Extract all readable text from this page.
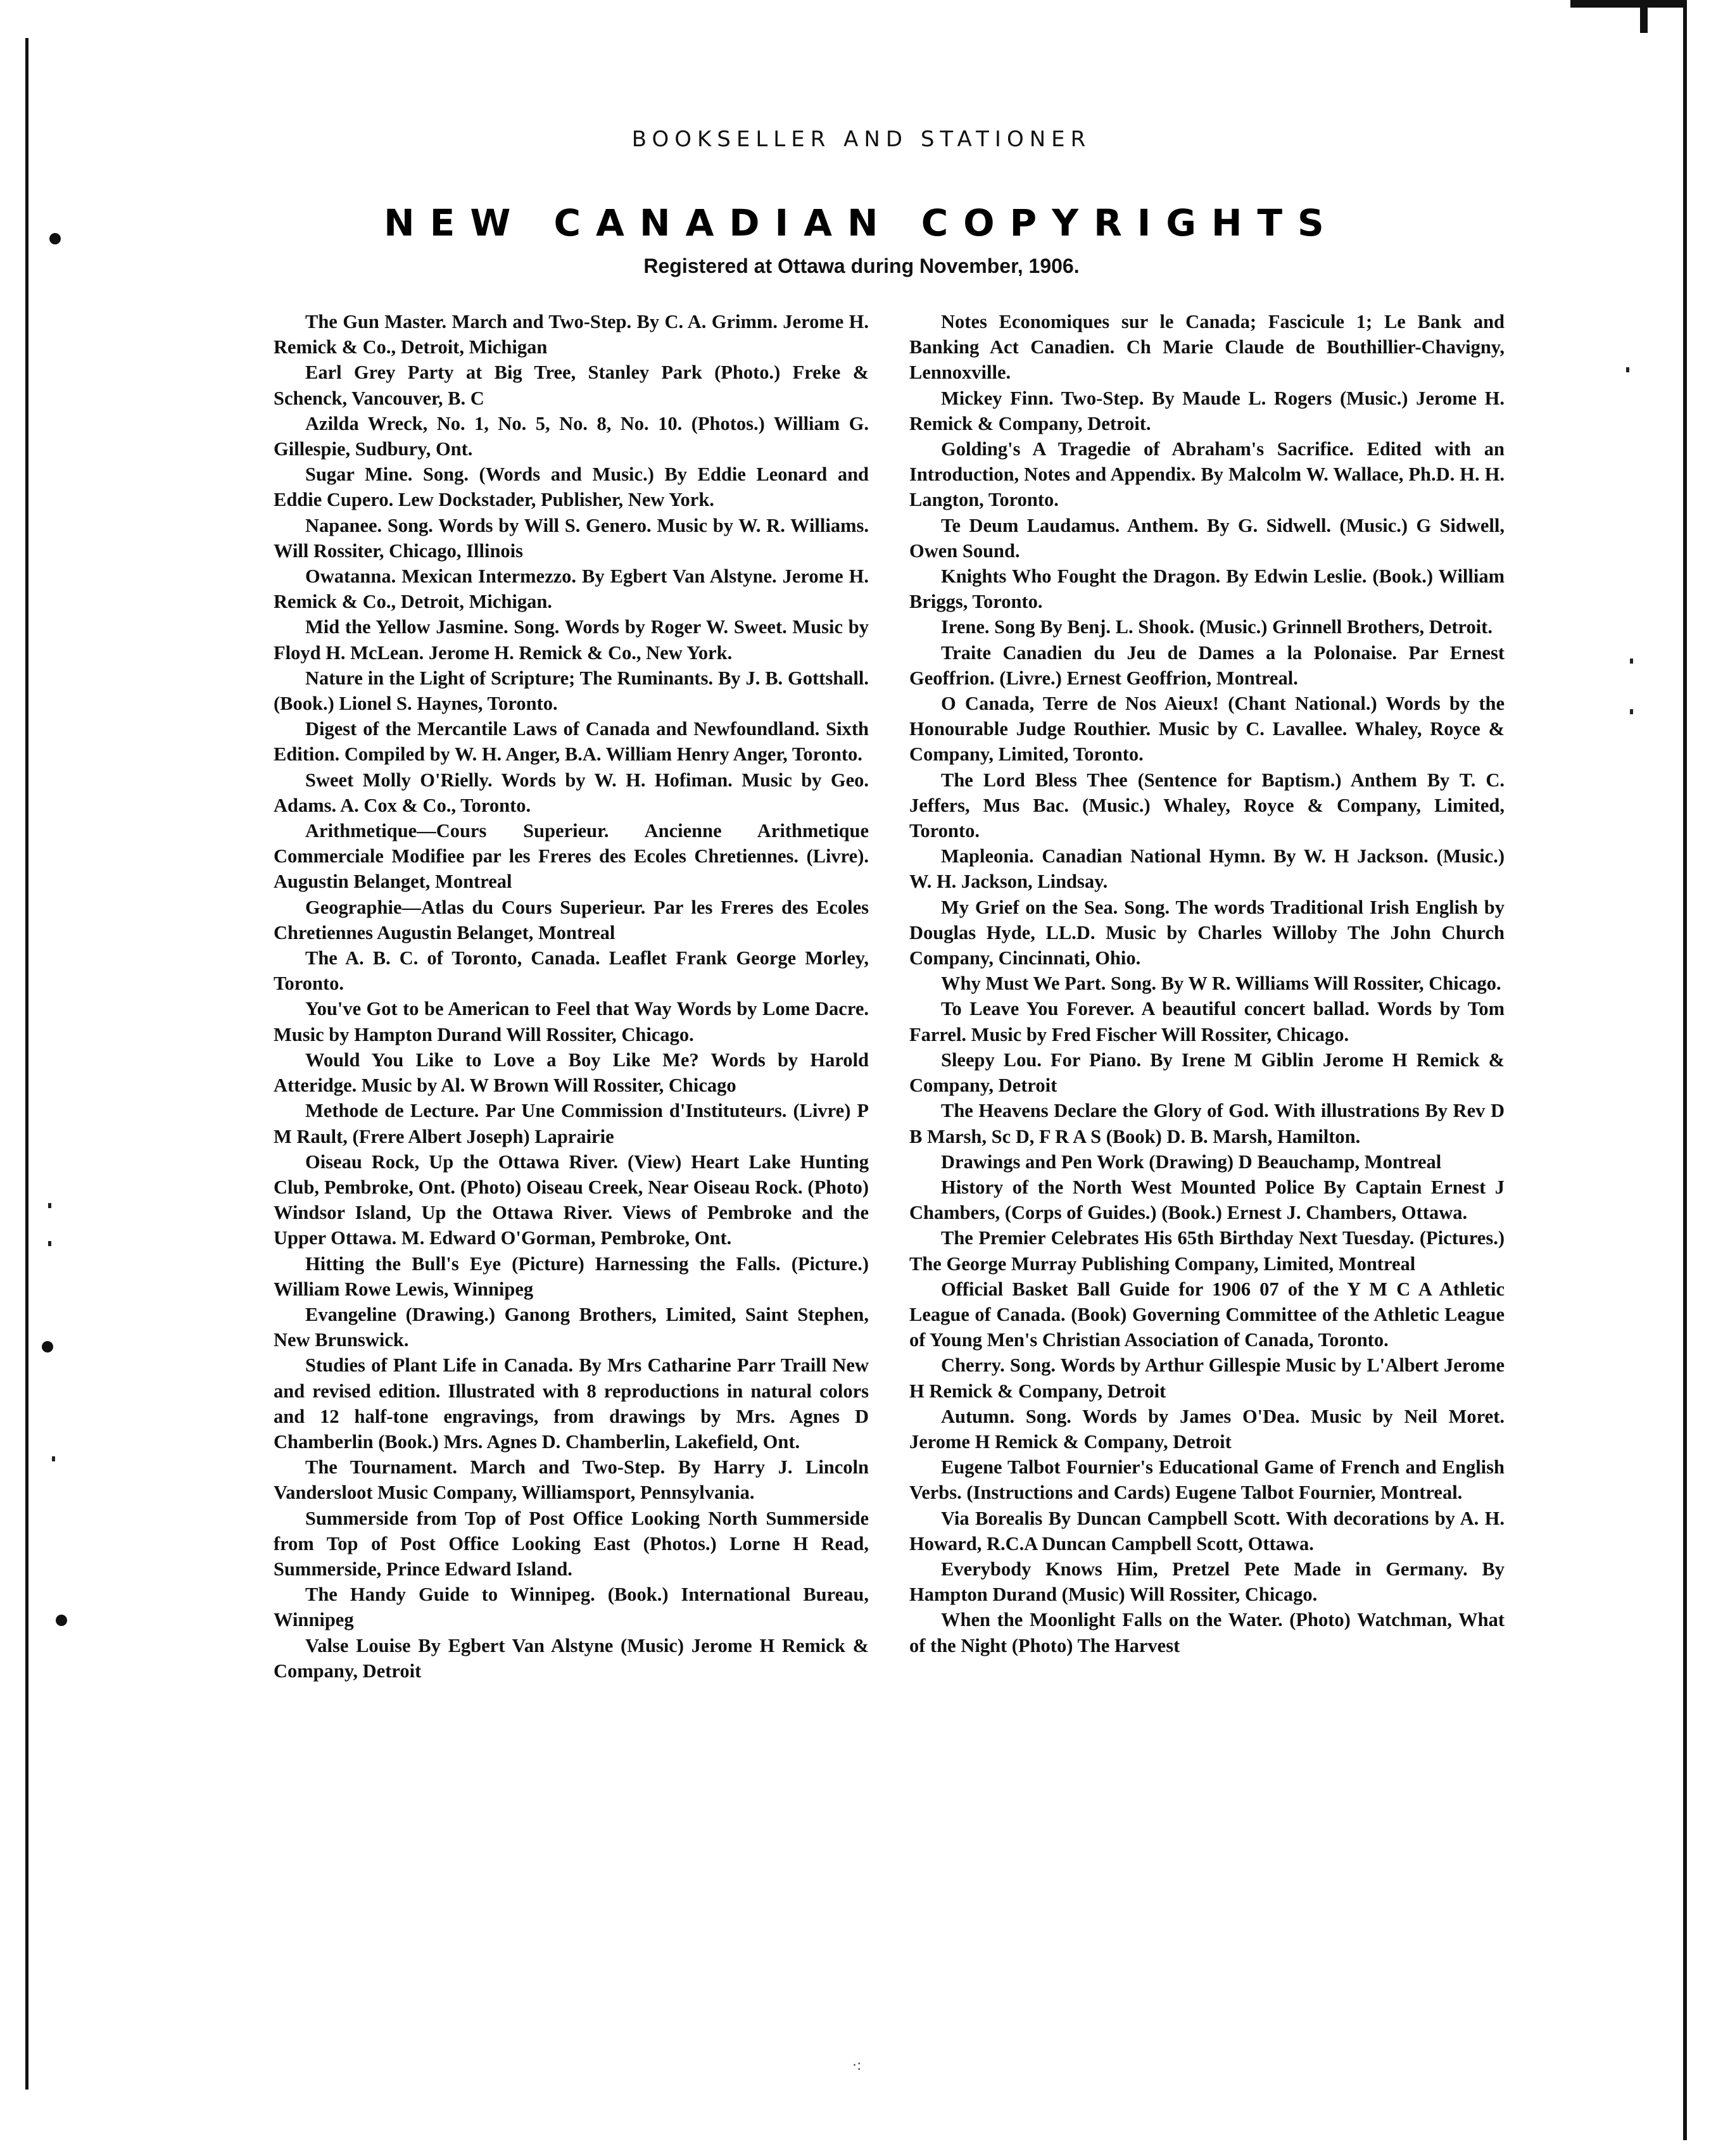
BOOKSELLER AND STATIONER
NEW CANADIAN COPYRIGHTS
Registered at Ottawa during November, 1906.

The Gun Master. March and Two-Step. By C. A. Grimm. Jerome H. Remick & Co., Detroit, Michigan

Earl Grey Party at Big Tree, Stanley Park (Photo.) Freke & Schenck, Vancouver, B. C

Azilda Wreck, No. 1, No. 5, No. 8, No. 10. (Photos.) William G. Gillespie, Sudbury, Ont.

Sugar Mine. Song. (Words and Music.) By Eddie Leonard and Eddie Cupero. Lew Dockstader, Publisher, New York.

Napanee. Song. Words by Will S. Genero. Music by W. R. Williams. Will Rossiter, Chicago, Illinois

Owatanna. Mexican Intermezzo. By Egbert Van Alstyne. Jerome H. Remick & Co., Detroit, Michigan.

Mid the Yellow Jasmine. Song. Words by Roger W. Sweet. Music by Floyd H. McLean. Jerome H. Remick & Co., New York.

Nature in the Light of Scripture; The Ruminants. By J. B. Gottshall. (Book.) Lionel S. Haynes, Toronto.

Digest of the Mercantile Laws of Canada and Newfoundland. Sixth Edition. Compiled by W. H. Anger, B.A. William Henry Anger, Toronto.

Sweet Molly O'Rielly. Words by W. H. Hofiman. Music by Geo. Adams. A. Cox & Co., Toronto.

Arithmetique—Cours Superieur. Ancienne Arithmetique Commerciale Modifiee par les Freres des Ecoles Chretiennes. (Livre). Augustin Belanget, Montreal

Geographie—Atlas du Cours Superieur. Par les Freres des Ecoles Chretiennes Augustin Belanget, Montreal

The A. B. C. of Toronto, Canada. Leaflet Frank George Morley, Toronto.

You've Got to be American to Feel that Way Words by Lome Dacre. Music by Hampton Durand Will Rossiter, Chicago.

Would You Like to Love a Boy Like Me? Words by Harold Atteridge. Music by Al. W Brown Will Rossiter, Chicago

Methode de Lecture. Par Une Commission d'Instituteurs. (Livre) P M Rault, (Frere Albert Joseph) Laprairie

Oiseau Rock, Up the Ottawa River. (View) Heart Lake Hunting Club, Pembroke, Ont. (Photo) Oiseau Creek, Near Oiseau Rock. (Photo) Windsor Island, Up the Ottawa River. Views of Pembroke and the Upper Ottawa. M. Edward O'Gorman, Pembroke, Ont.

Hitting the Bull's Eye (Picture) Harnessing the Falls. (Picture.) William Rowe Lewis, Winnipeg

Evangeline (Drawing.) Ganong Brothers, Limited, Saint Stephen, New Brunswick.

Studies of Plant Life in Canada. By Mrs Catharine Parr Traill New and revised edition. Illustrated with 8 reproductions in natural colors and 12 half-tone engravings, from drawings by Mrs. Agnes D Chamberlin (Book.) Mrs. Agnes D. Chamberlin, Lakefield, Ont.

The Tournament. March and Two-Step. By Harry J. Lincoln Vandersloot Music Company, Williamsport, Pennsylvania.

Summerside from Top of Post Office Looking North Summerside from Top of Post Office Looking East (Photos.) Lorne H Read, Summerside, Prince Edward Island.

The Handy Guide to Winnipeg. (Book.) International Bureau, Winnipeg

Valse Louise By Egbert Van Alstyne (Music) Jerome H Remick & Company, Detroit

Notes Economiques sur le Canada; Fascicule 1; Le Bank and Banking Act Canadien. Ch Marie Claude de Bouthillier-Chavigny, Lennoxville.

Mickey Finn. Two-Step. By Maude L. Rogers (Music.) Jerome H. Remick & Company, Detroit.

Golding's A Tragedie of Abraham's Sacrifice. Edited with an Introduction, Notes and Appendix. By Malcolm W. Wallace, Ph.D. H. H. Langton, Toronto.

Te Deum Laudamus. Anthem. By G. Sidwell. (Music.) G Sidwell, Owen Sound.

Knights Who Fought the Dragon. By Edwin Leslie. (Book.) William Briggs, Toronto.

Irene. Song By Benj. L. Shook. (Music.) Grinnell Brothers, Detroit.

Traite Canadien du Jeu de Dames a la Polonaise. Par Ernest Geoffrion. (Livre.) Ernest Geoffrion, Montreal.

O Canada, Terre de Nos Aieux! (Chant National.) Words by the Honourable Judge Routhier. Music by C. Lavallee. Whaley, Royce & Company, Limited, Toronto.

The Lord Bless Thee (Sentence for Baptism.) Anthem By T. C. Jeffers, Mus Bac. (Music.) Whaley, Royce & Company, Limited, Toronto.

Mapleonia. Canadian National Hymn. By W. H Jackson. (Music.) W. H. Jackson, Lindsay.

My Grief on the Sea. Song. The words Traditional Irish English by Douglas Hyde, LL.D. Music by Charles Willoby The John Church Company, Cincinnati, Ohio.

Why Must We Part. Song. By W R. Williams Will Rossiter, Chicago.

To Leave You Forever. A beautiful concert ballad. Words by Tom Farrel. Music by Fred Fischer Will Rossiter, Chicago.

Sleepy Lou. For Piano. By Irene M Giblin Jerome H Remick & Company, Detroit

The Heavens Declare the Glory of God. With illustrations By Rev D B Marsh, Sc D, F R A S (Book) D. B. Marsh, Hamilton.

Drawings and Pen Work (Drawing) D Beauchamp, Montreal

History of the North West Mounted Police By Captain Ernest J Chambers, (Corps of Guides.) (Book.) Ernest J. Chambers, Ottawa.

The Premier Celebrates His 65th Birthday Next Tuesday. (Pictures.) The George Murray Publishing Company, Limited, Montreal

Official Basket Ball Guide for 1906 07 of the Y M C A Athletic League of Canada. (Book) Governing Committee of the Athletic League of Young Men's Christian Association of Canada, Toronto.

Cherry. Song. Words by Arthur Gillespie Music by L'Albert Jerome H Remick & Company, Detroit

Autumn. Song. Words by James O'Dea. Music by Neil Moret. Jerome H Remick & Company, Detroit

Eugene Talbot Fournier's Educational Game of French and English Verbs. (Instructions and Cards) Eugene Talbot Fournier, Montreal.

Via Borealis By Duncan Campbell Scott. With decorations by A. H. Howard, R.C.A Duncan Campbell Scott, Ottawa.

Everybody Knows Him, Pretzel Pete Made in Germany. By Hampton Durand (Music) Will Rossiter, Chicago.

When the Moonlight Falls on the Water. (Photo) Watchman, What of the Night (Photo) The Harvest

·:
